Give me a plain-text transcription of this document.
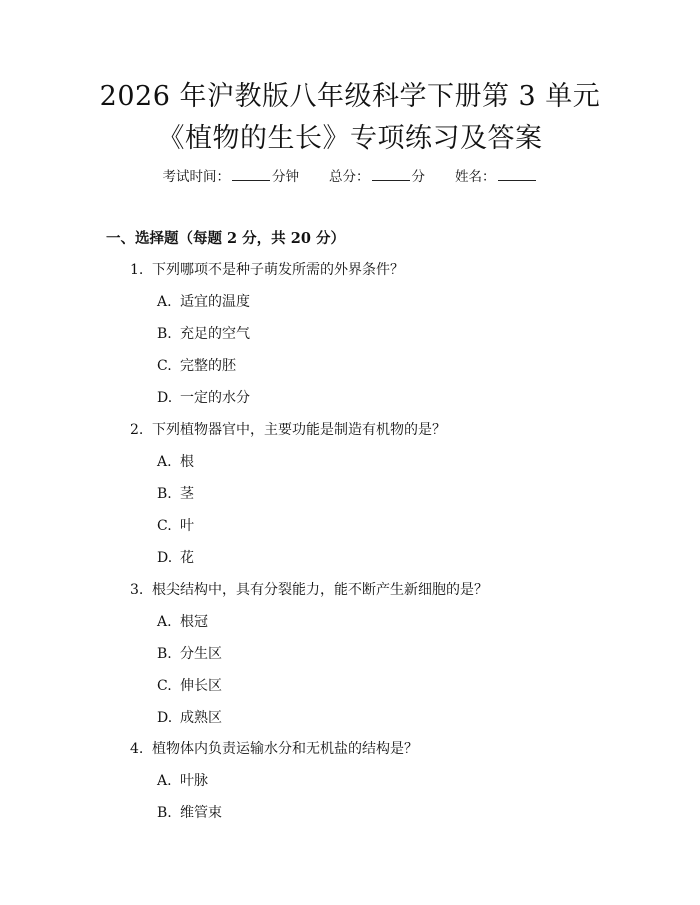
2026 年沪教版八年级科学下册第 3 单元《植物的生长》专项练习及答案
考试时间：	分钟 总分：	分 姓名：
一、选择题（每题 2 分，共 20 分）
1. 下列哪项不是种子萌发所需的外界条件？
A. 适宜的温度
B. 充足的空气
C. 完整的胚
D. 一定的水分
2. 下列植物器官中，主要功能是制造有机物的是？
A. 根
B. 茎
C. 叶
D. 花
3. 根尖结构中，具有分裂能力，能不断产生新细胞的是？
A. 根冠
B. 分生区
C. 伸长区
D. 成熟区
4. 植物体内负责运输水分和无机盐的结构是？
A. 叶脉
B. 维管束
